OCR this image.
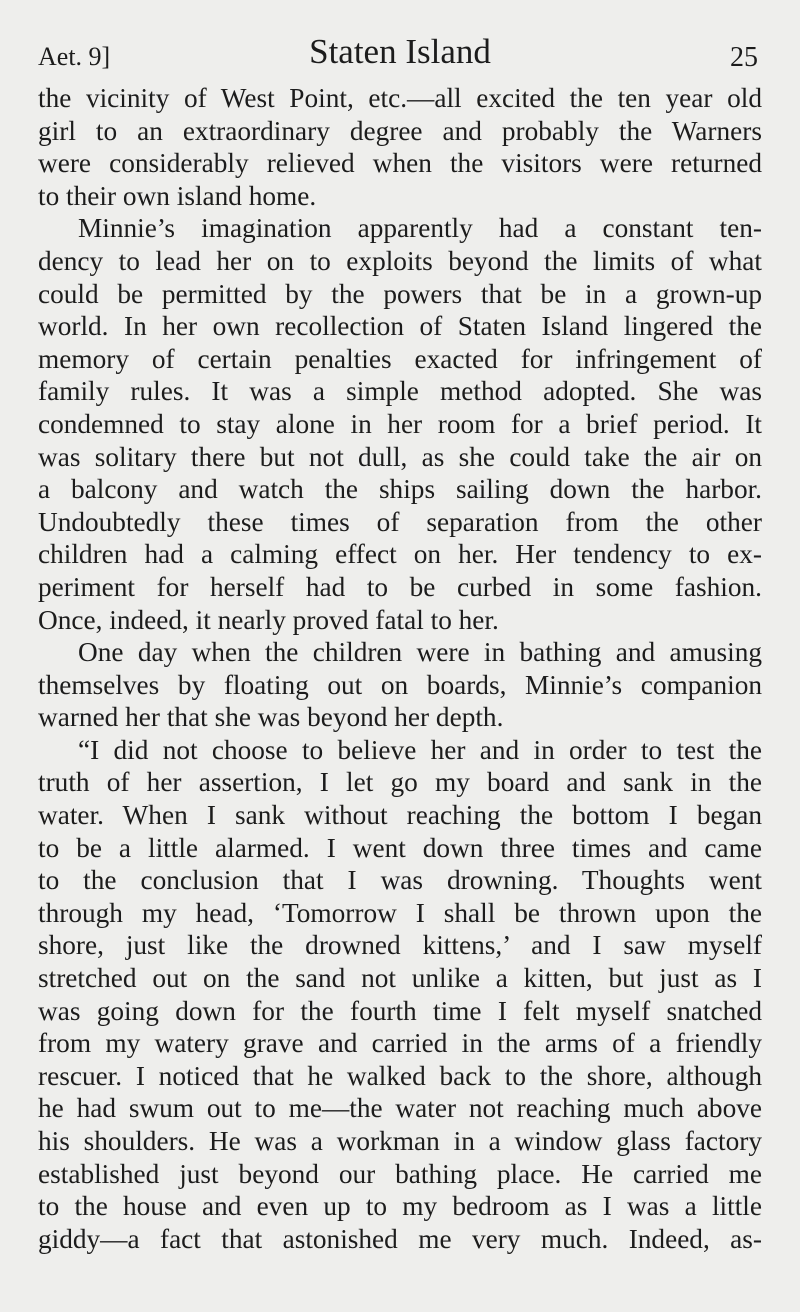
Aet. 9]	Staten Island	25
the vicinity of West Point, etc.—all excited the ten year old
girl to an extraordinary degree and probably the Warners
were considerably relieved when the visitors were returned
to their own island home.
Minnie’s imagination apparently had a constant ten-
dency to lead her on to exploits beyond the limits of what
could be permitted by the powers that be in a grown-up
world. In her own recollection of Staten Island lingered the
memory of certain penalties exacted for infringement of
family rules. It was a simple method adopted. She was
condemned to stay alone in her room for a brief period. It
was solitary there but not dull, as she could take the air on
a balcony and watch the ships sailing down the harbor.
Undoubtedly these times of separation from the other
children had a calming effect on her. Her tendency to ex-
periment for herself had to be curbed in some fashion.
Once, indeed, it nearly proved fatal to her.
One day when the children were in bathing and amusing
themselves by floating out on boards, Minnie’s companion
warned her that she was beyond her depth.
“I did not choose to believe her and in order to test the
truth of her assertion, I let go my board and sank in the
water. When I sank without reaching the bottom I began
to be a little alarmed. I went down three times and came
to the conclusion that I was drowning. Thoughts went
through my head, ‘Tomorrow I shall be thrown upon the
shore, just like the drowned kittens,’ and I saw myself
stretched out on the sand not unlike a kitten, but just as I
was going down for the fourth time I felt myself snatched
from my watery grave and carried in the arms of a friendly
rescuer. I noticed that he walked back to the shore, although
he had swum out to me—the water not reaching much above
his shoulders. He was a workman in a window glass factory
established just beyond our bathing place. He carried me
to the house and even up to my bedroom as I was a little
giddy—a fact that astonished me very much. Indeed, as-
